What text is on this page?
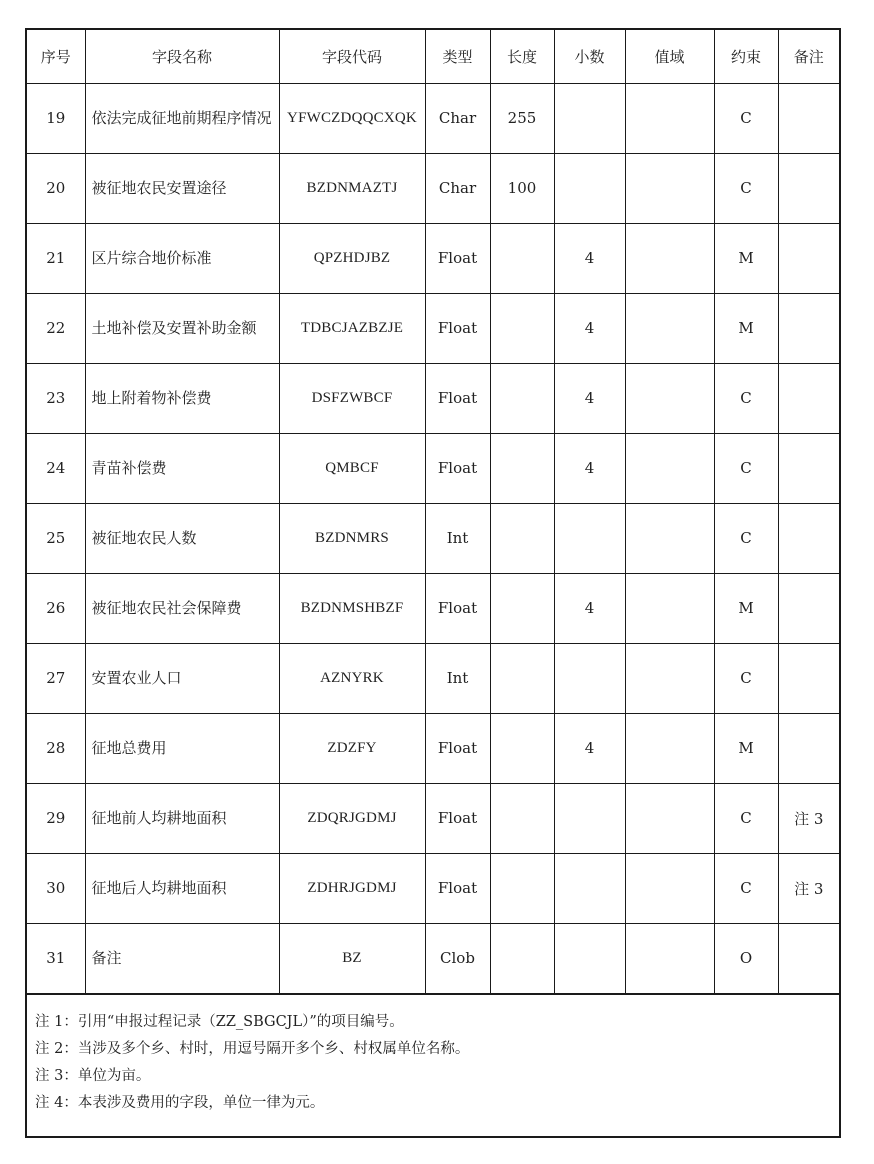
序号	字段名称	字段代码	类型	长度	小数	值域	约束	备注
19	依法完成征地前期程序情况	YFWCZDQQCXQK	Char	255			C	
20	被征地农民安置途径	BZDNMAZTJ	Char	100			C	
21	区片综合地价标准	QPZHDJBZ	Float		4		M	
22	土地补偿及安置补助金额	TDBCJAZBZJE	Float		4		M	
23	地上附着物补偿费	DSFZWBCF	Float		4		C	
24	青苗补偿费	QMBCF	Float		4		C	
25	被征地农民人数	BZDNMRS	Int				C	
26	被征地农民社会保障费	BZDNMSHBZF	Float		4		M	
27	安置农业人口	AZNYRK	Int				C	
28	征地总费用	ZDZFY	Float		4		M	
29	征地前人均耕地面积	ZDQRJGDMJ	Float				C	注 3
30	征地后人均耕地面积	ZDHRJGDMJ	Float				C	注 3
31	备注	BZ	Clob				O	
注 1：引用“申报过程记录（ZZ_SBGCJL）”的项目编号。
注 2：当涉及多个乡、村时，用逗号隔开多个乡、村权属单位名称。
注 3：单位为亩。
注 4：本表涉及费用的字段，单位一律为元。
